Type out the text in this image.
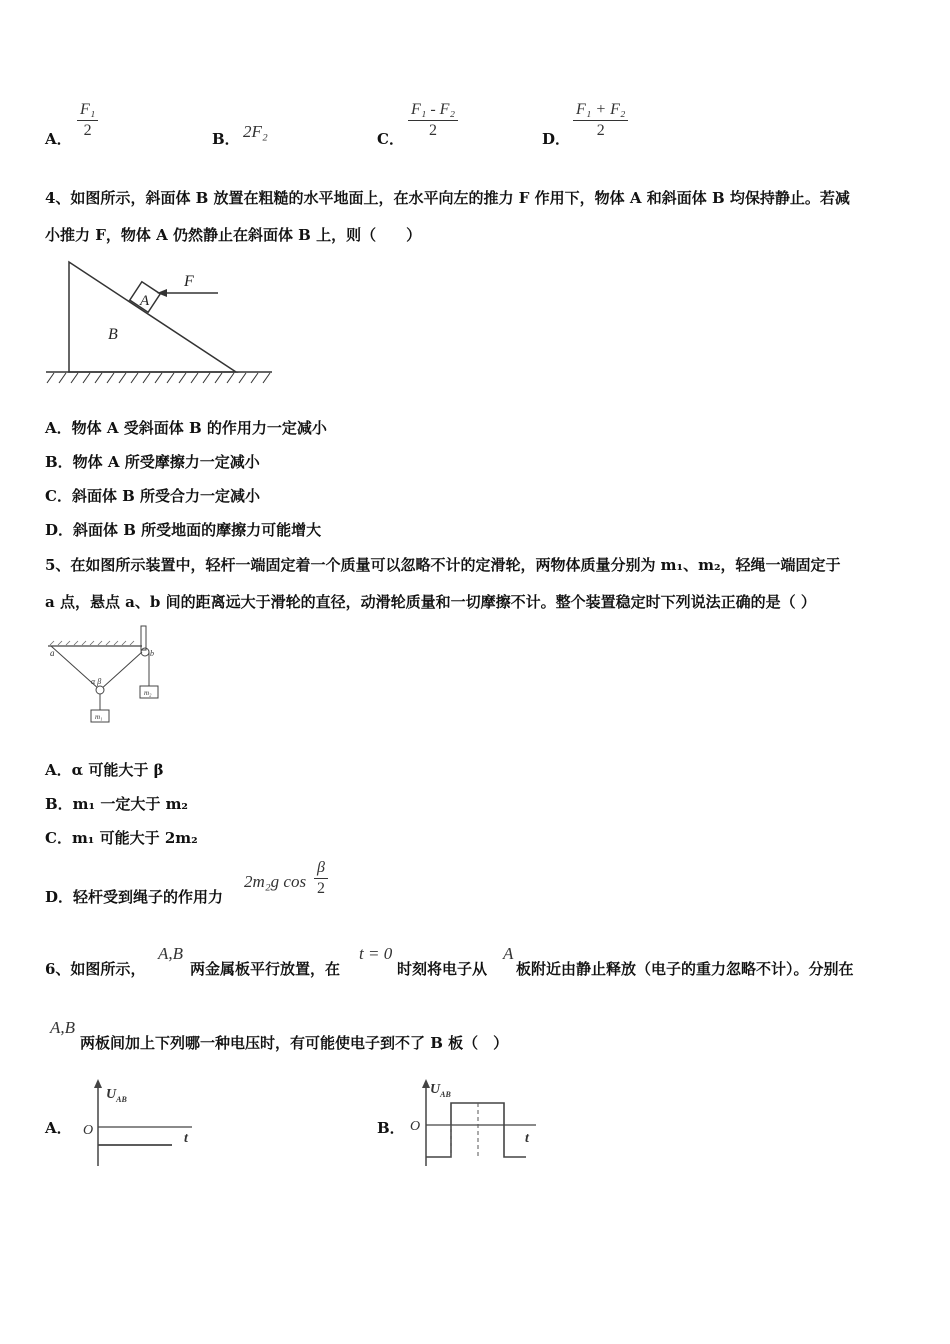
A． $\frac{\text{F₁}}{2}$	B． 2F₂	C． $\frac{\text{F₁ - F₂}}{2}$	D． $\frac{\text{F₁ + F₂}}{2}$
4、如图所示，斜面体 B 放置在粗糙的水平地面上，在水平向左的推力 F 作用下，物体 A 和斜面体 B 均保持静止。若减
小推力 F，物体 A 仍然静止在斜面体 B 上，则（　　）
A
B
F
A．物体 A 受斜面体 B 的作用力一定减小
B．物体 A 所受摩擦力一定减小
C．斜面体 B 所受合力一定减小
D．斜面体 B 所受地面的摩擦力可能增大
5、在如图所示装置中，轻杆一端固定着一个质量可以忽略不计的定滑轮，两物体质量分别为 m₁、m₂，轻绳一端固定于
a 点，悬点 a、b 间的距离远大于滑轮的直径，动滑轮质量和一切摩擦不计。整个装置稳定时下列说法正确的是（ ）
a	b
α β
m₁
m₂
A．α 可能大于 β
B．m₁ 一定大于 m₂
C．m₁ 可能大于 2m₂
D．轻杆受到绳子的作用力
2m₂g $\cos \frac{\beta}{2}$
6、如图所示，
A,B
两金属板平行放置，在
t = 0
时刻将电子从
A
板附近由静止释放（电子的重力忽略不计）。分别在
A,B
两板间加上下列哪一种电压时，有可能使电子到不了 B 板（　）
A．
$U_{AB}$
O
t
B．
$U_{AB}$
O
t
